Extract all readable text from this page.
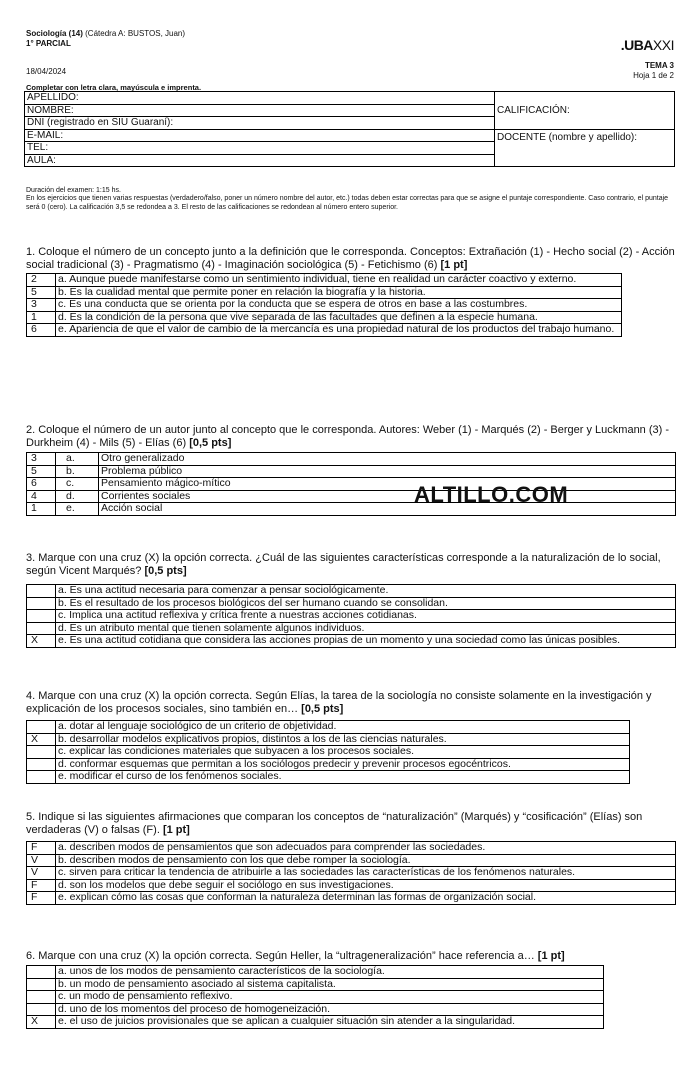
Sociología (14) (Cátedra A: BUSTOS, Juan)
1° PARCIAL	.UBAXXI
18/04/2024
TEMA 3
Hoja 1 de 2
Completar con letra clara, mayúscula e imprenta.
APELLIDO:	CALIFICACIÓN:
NOMBRE:	
DNI (registrado en SIU Guaraní):	
E-MAIL:	DOCENTE (nombre y apellido):
TEL:	
AULA:	
Duración del examen: 1:15 hs.
En los ejercicios que tienen varias respuestas (verdadero/falso, poner un número nombre del autor, etc.) todas deben estar correctas para que se asigne el puntaje correspondiente. Caso contrario, el puntaje será 0 (cero). La calificación 3,5 se redondea a 3. El resto de las calificaciones se redondean al número entero superior.
1. Coloque el número de un concepto junto a la definición que le corresponda. Conceptos: Extrañación (1) - Hecho social (2) - Acción social tradicional (3) - Pragmatismo (4) - Imaginación sociológica (5) - Fetichismo (6) [1 pt]
2	a. Aunque puede manifestarse como un sentimiento individual, tiene en realidad un carácter coactivo y externo.
5	b. Es la cualidad mental que permite poner en relación la biografía y la historia.
3	c. Es una conducta que se orienta por la conducta que se espera de otros en base a las costumbres.
1	d. Es la condición de la persona que vive separada de las facultades que definen a la especie humana.
6	e. Apariencia de que el valor de cambio de la mercancía es una propiedad natural de los productos del trabajo humano.
2. Coloque el número de un autor junto al concepto que le corresponda. Autores: Weber (1) - Marqués (2) - Berger y Luckmann (3) - Durkheim (4) - Mils (5) - Elías (6) [0,5 pts]
3	a.	Otro generalizado
5	b.	Problema público
6	c.	Pensamiento mágico-mítico
4	d.	Corrientes sociales
1	e.	Acción social
ALTILLO.COM
3. Marque con una cruz (X) la opción correcta. ¿Cuál de las siguientes características corresponde a la naturalización de lo social, según Vicent Marqués? [0,5 pts]
	a. Es una actitud necesaria para comenzar a pensar sociológicamente.
	b. Es el resultado de los procesos biológicos del ser humano cuando se consolidan.
	c. Implica una actitud reflexiva y crítica frente a nuestras acciones cotidianas.
	d. Es un atributo mental que tienen solamente algunos individuos.
X	e. Es una actitud cotidiana que considera las acciones propias de un momento y una sociedad como las únicas posibles.
4. Marque con una cruz (X) la opción correcta. Según Elías, la tarea de la sociología no consiste solamente en la investigación y explicación de los procesos sociales, sino también en… [0,5 pts]
	a. dotar al lenguaje sociológico de un criterio de objetividad.
X	b. desarrollar modelos explicativos propios, distintos a los de las ciencias naturales.
	c. explicar las condiciones materiales que subyacen a los procesos sociales.
	d. conformar esquemas que permitan a los sociólogos predecir y prevenir procesos egocéntricos.
	e. modificar el curso de los fenómenos sociales.
5. Indique si las siguientes afirmaciones que comparan los conceptos de “naturalización” (Marqués) y “cosificación” (Elías) son verdaderas (V) o falsas (F). [1 pt]
F	a. describen modos de pensamientos que son adecuados para comprender las sociedades.
V	b. describen modos de pensamiento con los que debe romper la sociología.
V	c. sirven para criticar la tendencia de atribuirle a las sociedades las características de los fenómenos naturales.
F	d. son los modelos que debe seguir el sociólogo en sus investigaciones.
F	e. explican cómo las cosas que conforman la naturaleza determinan las formas de organización social.
6. Marque con una cruz (X) la opción correcta. Según Heller, la “ultrageneralización” hace referencia a… [1 pt]
	a. unos de los modos de pensamiento característicos de la sociología.
	b. un modo de pensamiento asociado al sistema capitalista.
	c. un modo de pensamiento reflexivo.
	d. uno de los momentos del proceso de homogeneización.
X	e. el uso de juicios provisionales que se aplican a cualquier situación sin atender a la singularidad.
